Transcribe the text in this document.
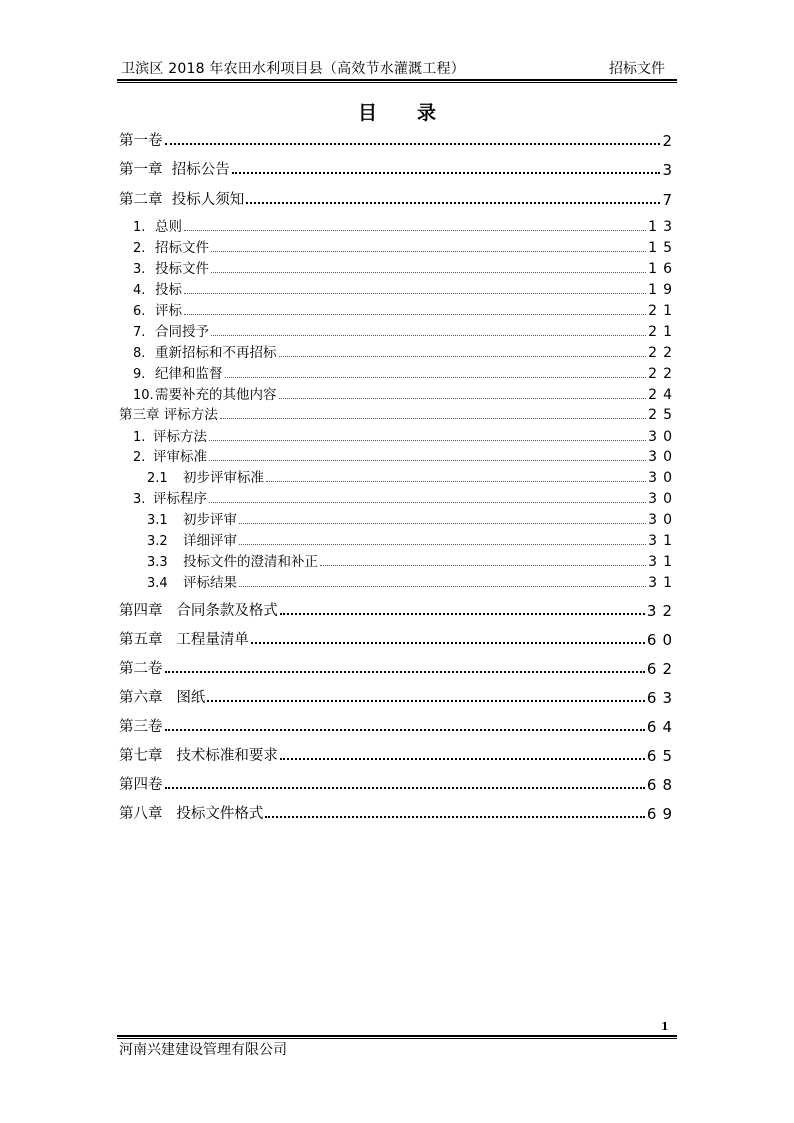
卫滨区 2018 年农田水利项目县（高效节水灌溉工程）	招标文件
目录
第一卷	2
第一章  招标公告	3
第二章  投标人须知	7
1. 总则	13
2. 招标文件	15
3. 投标文件	16
4. 投标	19
6. 评标	21
7. 合同授予	21
8. 重新招标和不再招标	22
9. 纪律和监督	22
10. 需要补充的其他内容	24
第三章 评标方法	25
1. 评标方法	30
2. 评审标准	30
2.1	初步评审标准	30
3. 评标程序	30
3.1	初步评审	30
3.2	详细评审	31
3.3	投标文件的澄清和补正	31
3.4	评标结果	31
第四章   合同条款及格式	32
第五章   工程量清单	60
第二卷	62
第六章   图纸	63
第三卷	64
第七章   技术标准和要求	65
第四卷	68
第八章   投标文件格式	69
1
河南兴建建设管理有限公司
